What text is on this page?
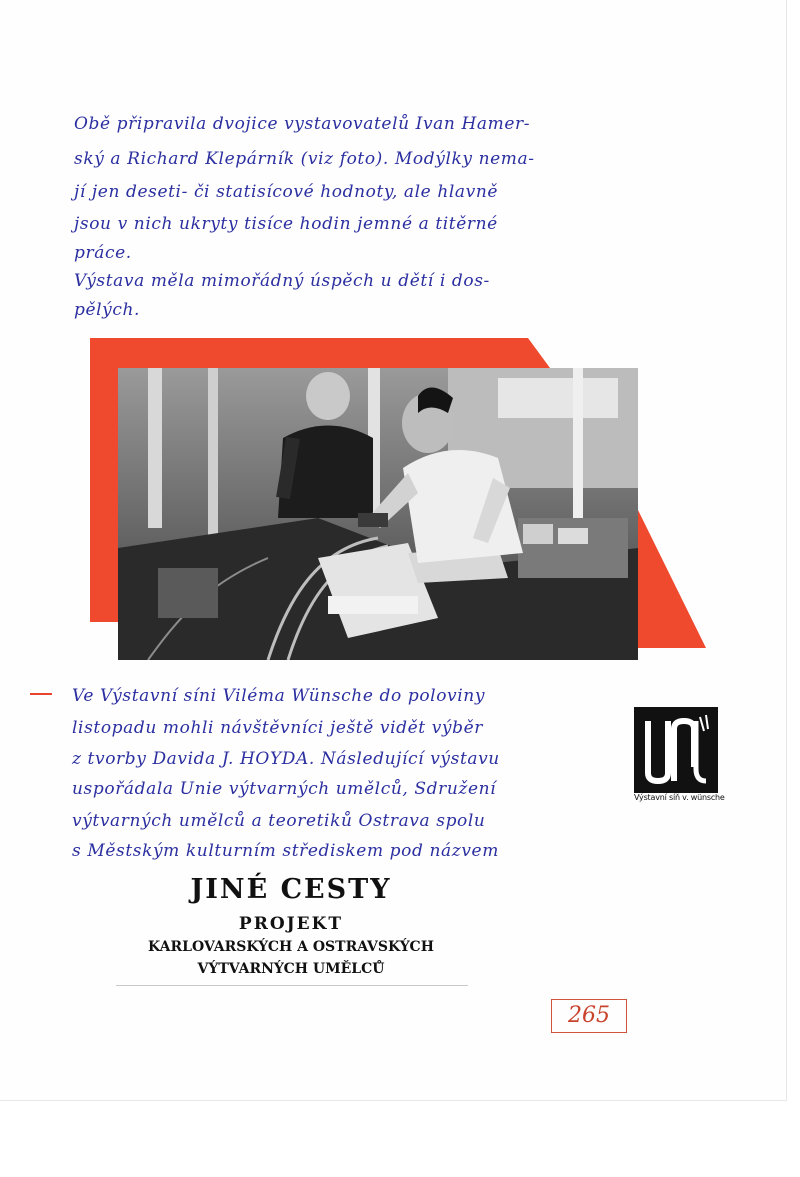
Obě připravila dvojice vystavovatelů Ivan Hamer-
ský a Richard Klepárník (viz foto). Modýlky nema-
jí jen deseti- či statisícové hodnoty, ale hlavně
jsou v nich ukryty tisíce hodin jemné a titěrné
práce.
Výstava měla mimořádný úspěch u dětí i dos-
pělých.
Ve Výstavní síni Viléma Wünsche do poloviny
listopadu mohli návštěvníci ještě vidět výběr
z tvorby Davida J. HOYDA. Následující výstavu
uspořádala Unie výtvarných umělců, Sdružení
výtvarných umělců a teoretiků Ostrava spolu
s Městským kulturním střediskem pod názvem
Výstavní síň v. wünsche
JINÉ CESTY
PROJEKT
KARLOVARSKÝCH A OSTRAVSKÝCH
VÝTVARNÝCH UMĚLCŮ
265
